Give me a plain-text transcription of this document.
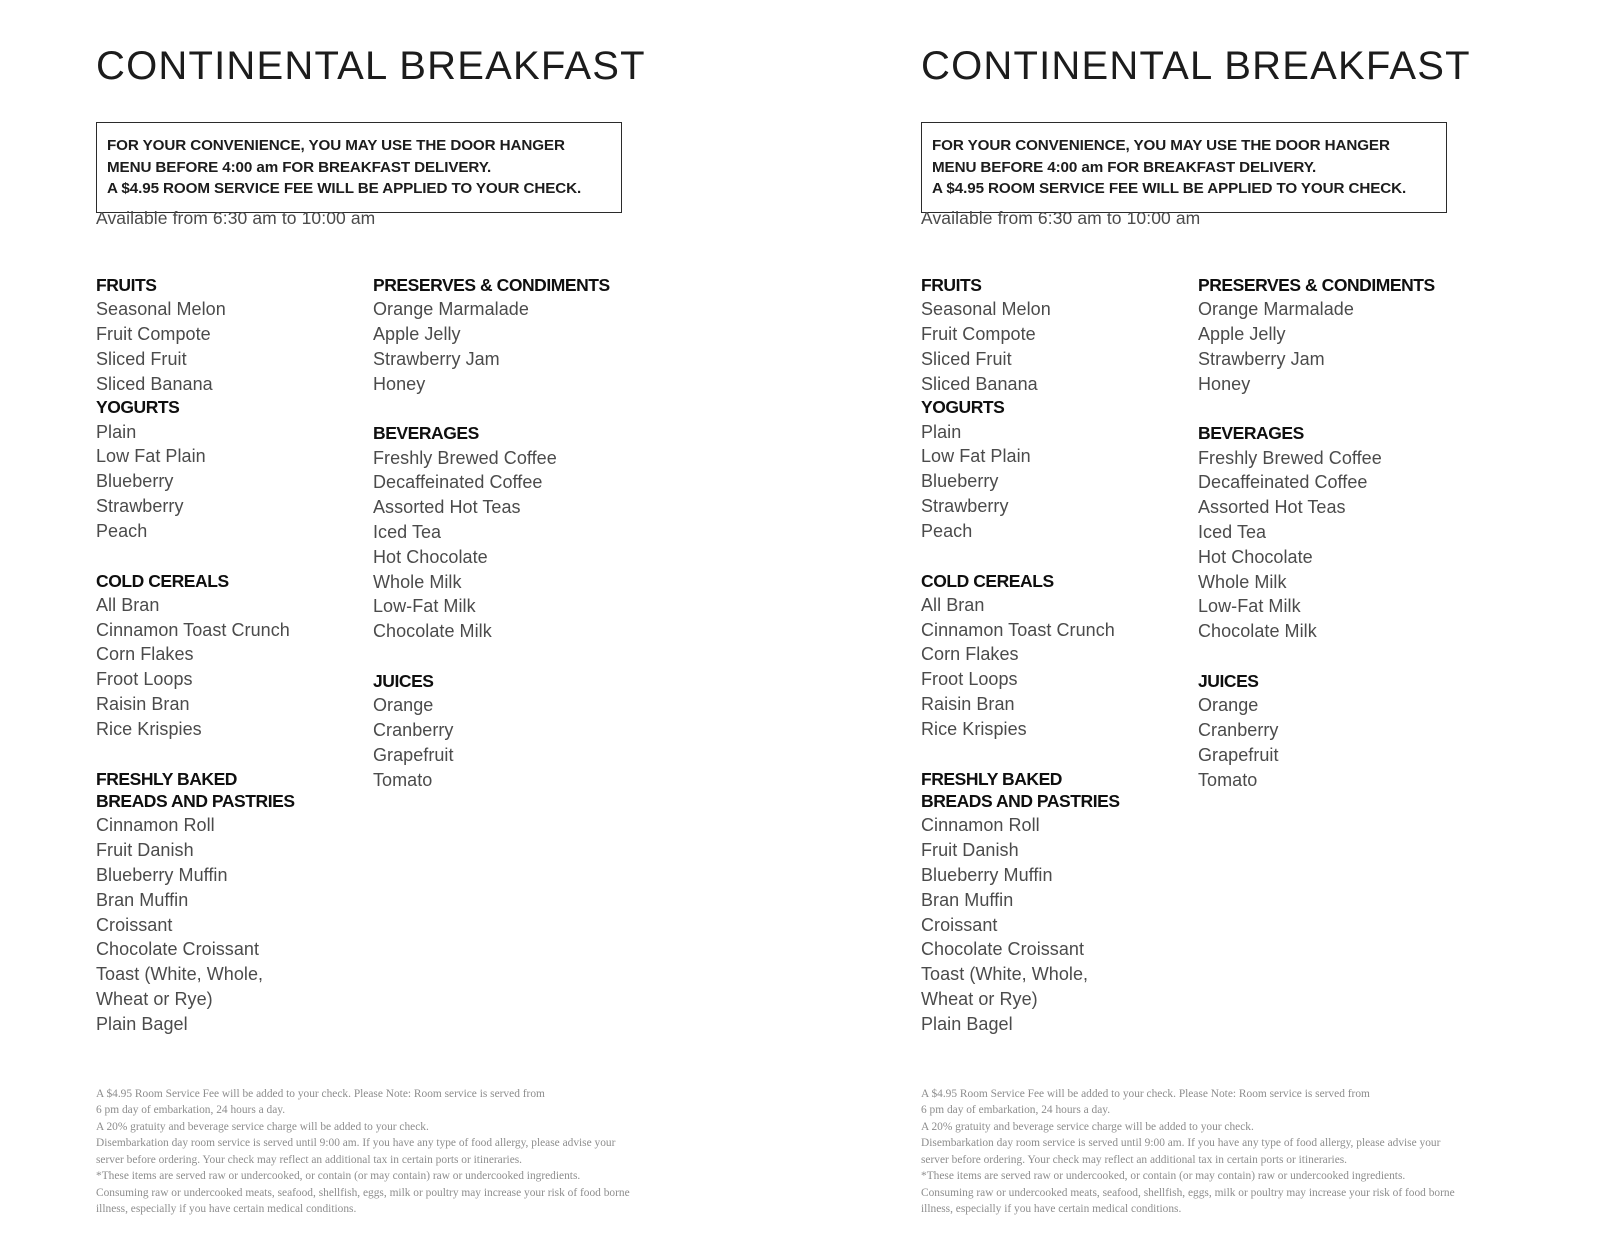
CONTINENTAL BREAKFAST
FOR YOUR CONVENIENCE, YOU MAY USE THE DOOR HANGER
MENU BEFORE 4:00 am FOR BREAKFAST DELIVERY.
A $4.95 ROOM SERVICE FEE WILL BE APPLIED TO YOUR CHECK.
Available from 6:30 am to 10:00 am
FRUITS
Seasonal Melon
Fruit Compote
Sliced Fruit
Sliced Banana
YOGURTS
Plain
Low Fat Plain
Blueberry
Strawberry
Peach
COLD CEREALS
All Bran
Cinnamon Toast Crunch
Corn Flakes
Froot Loops
Raisin Bran
Rice Krispies
FRESHLY BAKED
BREADS AND PASTRIES
Cinnamon Roll
Fruit Danish
Blueberry Muffin
Bran Muffin
Croissant
Chocolate Croissant
Toast (White, Whole,
Wheat or Rye)
Plain Bagel
PRESERVES & CONDIMENTS
Orange Marmalade
Apple Jelly
Strawberry Jam
Honey
BEVERAGES
Freshly Brewed Coffee
Decaffeinated Coffee
Assorted Hot Teas
Iced Tea
Hot Chocolate
Whole Milk
Low-Fat Milk
Chocolate Milk
JUICES
Orange
Cranberry
Grapefruit
Tomato
A $4.95 Room Service Fee will be added to your check. Please Note: Room service is served from
6 pm day of embarkation, 24 hours a day.
A 20% gratuity and beverage service charge will be added to your check.
Disembarkation day room service is served until 9:00 am. If you have any type of food allergy, please advise your
server before ordering. Your check may reflect an additional tax in certain ports or itineraries.
*These items are served raw or undercooked, or contain (or may contain) raw or undercooked ingredients.
Consuming raw or undercooked meats, seafood, shellfish, eggs, milk or poultry may increase your risk of food borne
illness, especially if you have certain medical conditions.
CONTINENTAL BREAKFAST
FOR YOUR CONVENIENCE, YOU MAY USE THE DOOR HANGER
MENU BEFORE 4:00 am FOR BREAKFAST DELIVERY.
A $4.95 ROOM SERVICE FEE WILL BE APPLIED TO YOUR CHECK.
Available from 6:30 am to 10:00 am
FRUITS
Seasonal Melon
Fruit Compote
Sliced Fruit
Sliced Banana
YOGURTS
Plain
Low Fat Plain
Blueberry
Strawberry
Peach
COLD CEREALS
All Bran
Cinnamon Toast Crunch
Corn Flakes
Froot Loops
Raisin Bran
Rice Krispies
FRESHLY BAKED
BREADS AND PASTRIES
Cinnamon Roll
Fruit Danish
Blueberry Muffin
Bran Muffin
Croissant
Chocolate Croissant
Toast (White, Whole,
Wheat or Rye)
Plain Bagel
PRESERVES & CONDIMENTS
Orange Marmalade
Apple Jelly
Strawberry Jam
Honey
BEVERAGES
Freshly Brewed Coffee
Decaffeinated Coffee
Assorted Hot Teas
Iced Tea
Hot Chocolate
Whole Milk
Low-Fat Milk
Chocolate Milk
JUICES
Orange
Cranberry
Grapefruit
Tomato
A $4.95 Room Service Fee will be added to your check. Please Note: Room service is served from
6 pm day of embarkation, 24 hours a day.
A 20% gratuity and beverage service charge will be added to your check.
Disembarkation day room service is served until 9:00 am. If you have any type of food allergy, please advise your
server before ordering. Your check may reflect an additional tax in certain ports or itineraries.
*These items are served raw or undercooked, or contain (or may contain) raw or undercooked ingredients.
Consuming raw or undercooked meats, seafood, shellfish, eggs, milk or poultry may increase your risk of food borne
illness, especially if you have certain medical conditions.
